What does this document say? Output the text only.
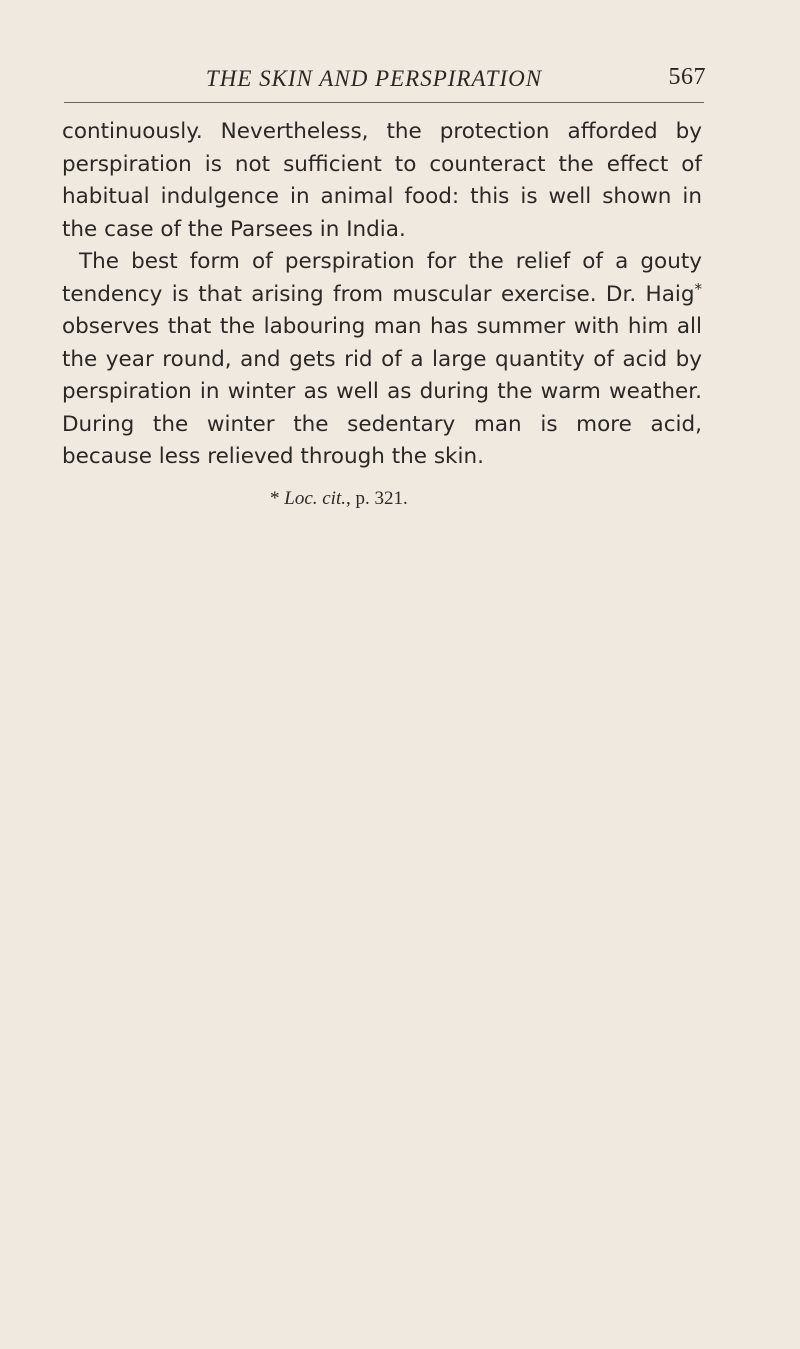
THE SKIN AND PERSPIRATION	567

continuously. Nevertheless, the protection afforded by perspiration is not sufficient to counteract the effect of habitual indulgence in animal food: this is well shown in the case of the Parsees in India.

The best form of perspiration for the relief of a gouty tendency is that arising from muscular exercise. Dr. Haig* observes that the labouring man has summer with him all the year round, and gets rid of a large quantity of acid by perspiration in winter as well as during the warm weather. During the winter the sedentary man is more acid, because less relieved through the skin.

* Loc. cit., p. 321.
